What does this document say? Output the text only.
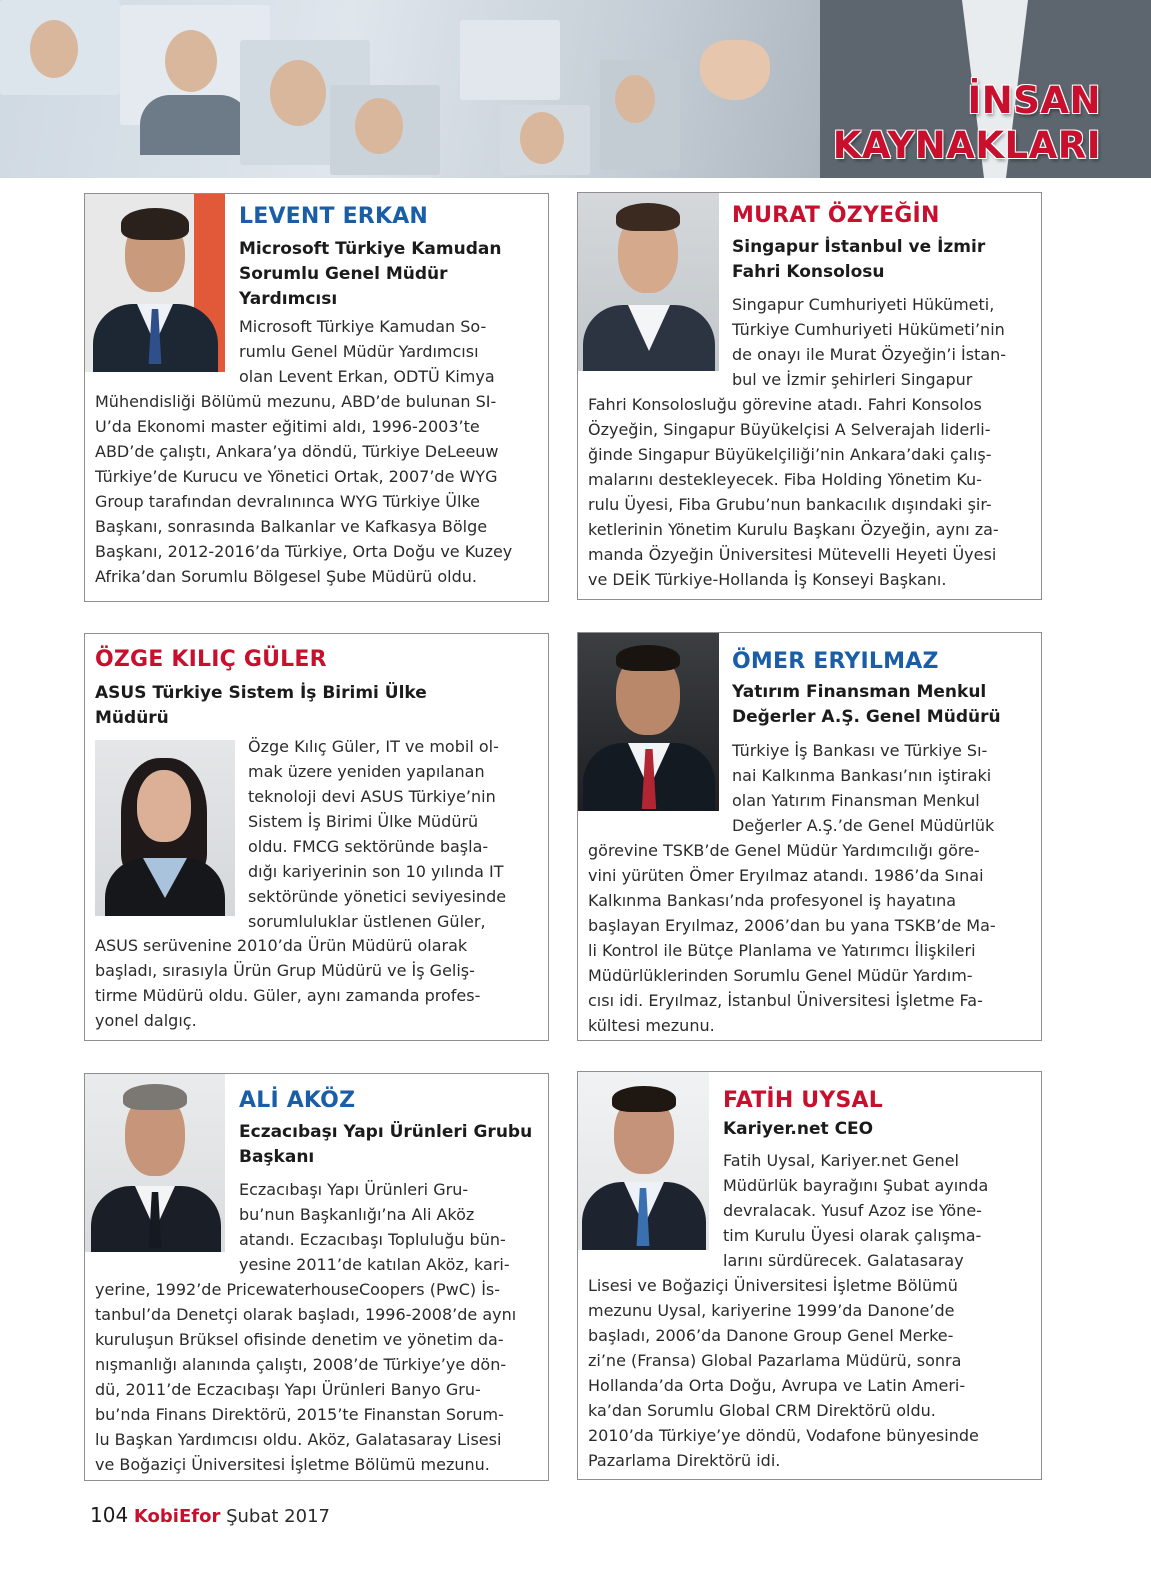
İNSAN
KAYNAKLARI
LEVENT ERKAN
Microsoft Türkiye Kamudan Sorumlu Genel Müdür Yardımcısı
Microsoft Türkiye Kamudan So-
rumlu Genel Müdür Yardımcısı
olan Levent Erkan, ODTÜ Kimya
Mühendisliği Bölümü mezunu, ABD’de bulunan SI-
U’da Ekonomi master eğitimi aldı, 1996-2003’te
ABD’de çalıştı, Ankara’ya döndü, Türkiye DeLeeuw
Türkiye’de Kurucu ve Yönetici Ortak, 2007’de WYG
Group tarafından devralınınca WYG Türkiye Ülke
Başkanı, sonrasında Balkanlar ve Kafkasya Bölge
Başkanı, 2012-2016’da Türkiye, Orta Doğu ve Kuzey
Afrika’dan Sorumlu Bölgesel Şube Müdürü oldu.
MURAT ÖZYEĞİN
Singapur İstanbul ve İzmir Fahri Konsolosu
Singapur Cumhuriyeti Hükümeti,
Türkiye Cumhuriyeti Hükümeti’nin
de onayı ile Murat Özyeğin’i İstan-
bul ve İzmir şehirleri Singapur
Fahri Konsolosluğu görevine atadı. Fahri Konsolos
Özyeğin, Singapur Büyükelçisi A Selverajah liderli-
ğinde Singapur Büyükelçiliği’nin Ankara’daki çalış-
malarını destekleyecek. Fiba Holding Yönetim Ku-
rulu Üyesi, Fiba Grubu’nun bankacılık dışındaki şir-
ketlerinin Yönetim Kurulu Başkanı Özyeğin, aynı za-
manda Özyeğin Üniversitesi Mütevelli Heyeti Üyesi
ve DEİK Türkiye-Hollanda İş Konseyi Başkanı.
ÖZGE KILIÇ GÜLER
ASUS Türkiye Sistem İş Birimi Ülke Müdürü
Özge Kılıç Güler, IT ve mobil ol-
mak üzere yeniden yapılanan
teknoloji devi ASUS Türkiye’nin
Sistem İş Birimi Ülke Müdürü
oldu. FMCG sektöründe başla-
dığı kariyerinin son 10 yılında IT
sektöründe yönetici seviyesinde
sorumluluklar üstlenen Güler,
ASUS serüvenine 2010’da Ürün Müdürü olarak
başladı, sırasıyla Ürün Grup Müdürü ve İş Geliş-
tirme Müdürü oldu. Güler, aynı zamanda profes-
yonel dalgıç.
ÖMER ERYILMAZ
Yatırım Finansman Menkul Değerler A.Ş. Genel Müdürü
Türkiye İş Bankası ve Türkiye Sı-
nai Kalkınma Bankası’nın iştiraki
olan Yatırım Finansman Menkul
Değerler A.Ş.’de Genel Müdürlük
görevine TSKB’de Genel Müdür Yardımcılığı göre-
vini yürüten Ömer Eryılmaz atandı. 1986’da Sınai
Kalkınma Bankası’nda profesyonel iş hayatına
başlayan Eryılmaz, 2006’dan bu yana TSKB’de Ma-
li Kontrol ile Bütçe Planlama ve Yatırımcı İlişkileri
Müdürlüklerinden Sorumlu Genel Müdür Yardım-
cısı idi. Eryılmaz, İstanbul Üniversitesi İşletme Fa-
kültesi mezunu.
ALİ AKÖZ
Eczacıbaşı Yapı Ürünleri Grubu Başkanı
Eczacıbaşı Yapı Ürünleri Gru-
bu’nun Başkanlığı’na Ali Aköz
atandı. Eczacıbaşı Topluluğu bün-
yesine 2011’de katılan Aköz, kari-
yerine, 1992’de PricewaterhouseCoopers (PwC) İs-
tanbul’da Denetçi olarak başladı, 1996-2008’de aynı
kuruluşun Brüksel ofisinde denetim ve yönetim da-
nışmanlığı alanında çalıştı, 2008’de Türkiye’ye dön-
dü, 2011’de Eczacıbaşı Yapı Ürünleri Banyo Gru-
bu’nda Finans Direktörü, 2015’te Finanstan Sorum-
lu Başkan Yardımcısı oldu. Aköz, Galatasaray Lisesi
ve Boğaziçi Üniversitesi İşletme Bölümü mezunu.
FATİH UYSAL
Kariyer.net CEO
Fatih Uysal, Kariyer.net Genel
Müdürlük bayrağını Şubat ayında
devralacak. Yusuf Azoz ise Yöne-
tim Kurulu Üyesi olarak çalışma-
larını sürdürecek. Galatasaray
Lisesi ve Boğaziçi Üniversitesi İşletme Bölümü
mezunu Uysal, kariyerine 1999’da Danone’de
başladı, 2006’da Danone Group Genel Merke-
zi’ne (Fransa) Global Pazarlama Müdürü, sonra
Hollanda’da Orta Doğu, Avrupa ve Latin Ameri-
ka’dan Sorumlu Global CRM Direktörü oldu.
2010’da Türkiye’ye döndü, Vodafone bünyesinde
Pazarlama Direktörü idi.
104 KobiEfor Şubat 2017
